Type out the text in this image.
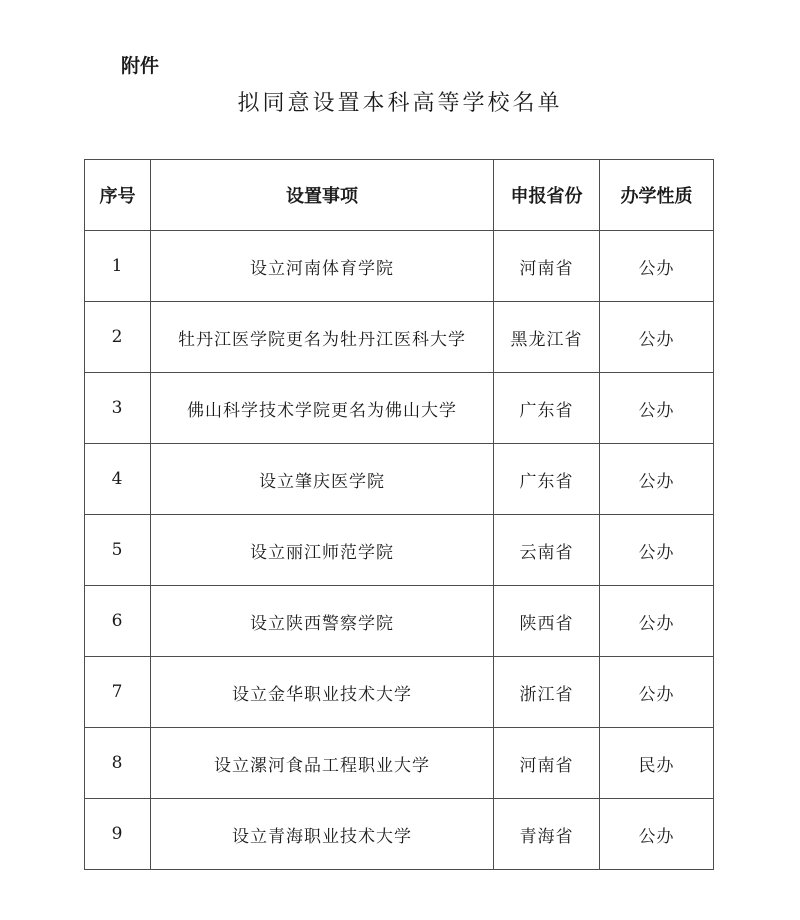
附件
拟同意设置本科高等学校名单
序号	设置事项	申报省份	办学性质
1	设立河南体育学院	河南省	公办
2	牡丹江医学院更名为牡丹江医科大学	黑龙江省	公办
3	佛山科学技术学院更名为佛山大学	广东省	公办
4	设立肇庆医学院	广东省	公办
5	设立丽江师范学院	云南省	公办
6	设立陕西警察学院	陕西省	公办
7	设立金华职业技术大学	浙江省	公办
8	设立漯河食品工程职业大学	河南省	民办
9	设立青海职业技术大学	青海省	公办
